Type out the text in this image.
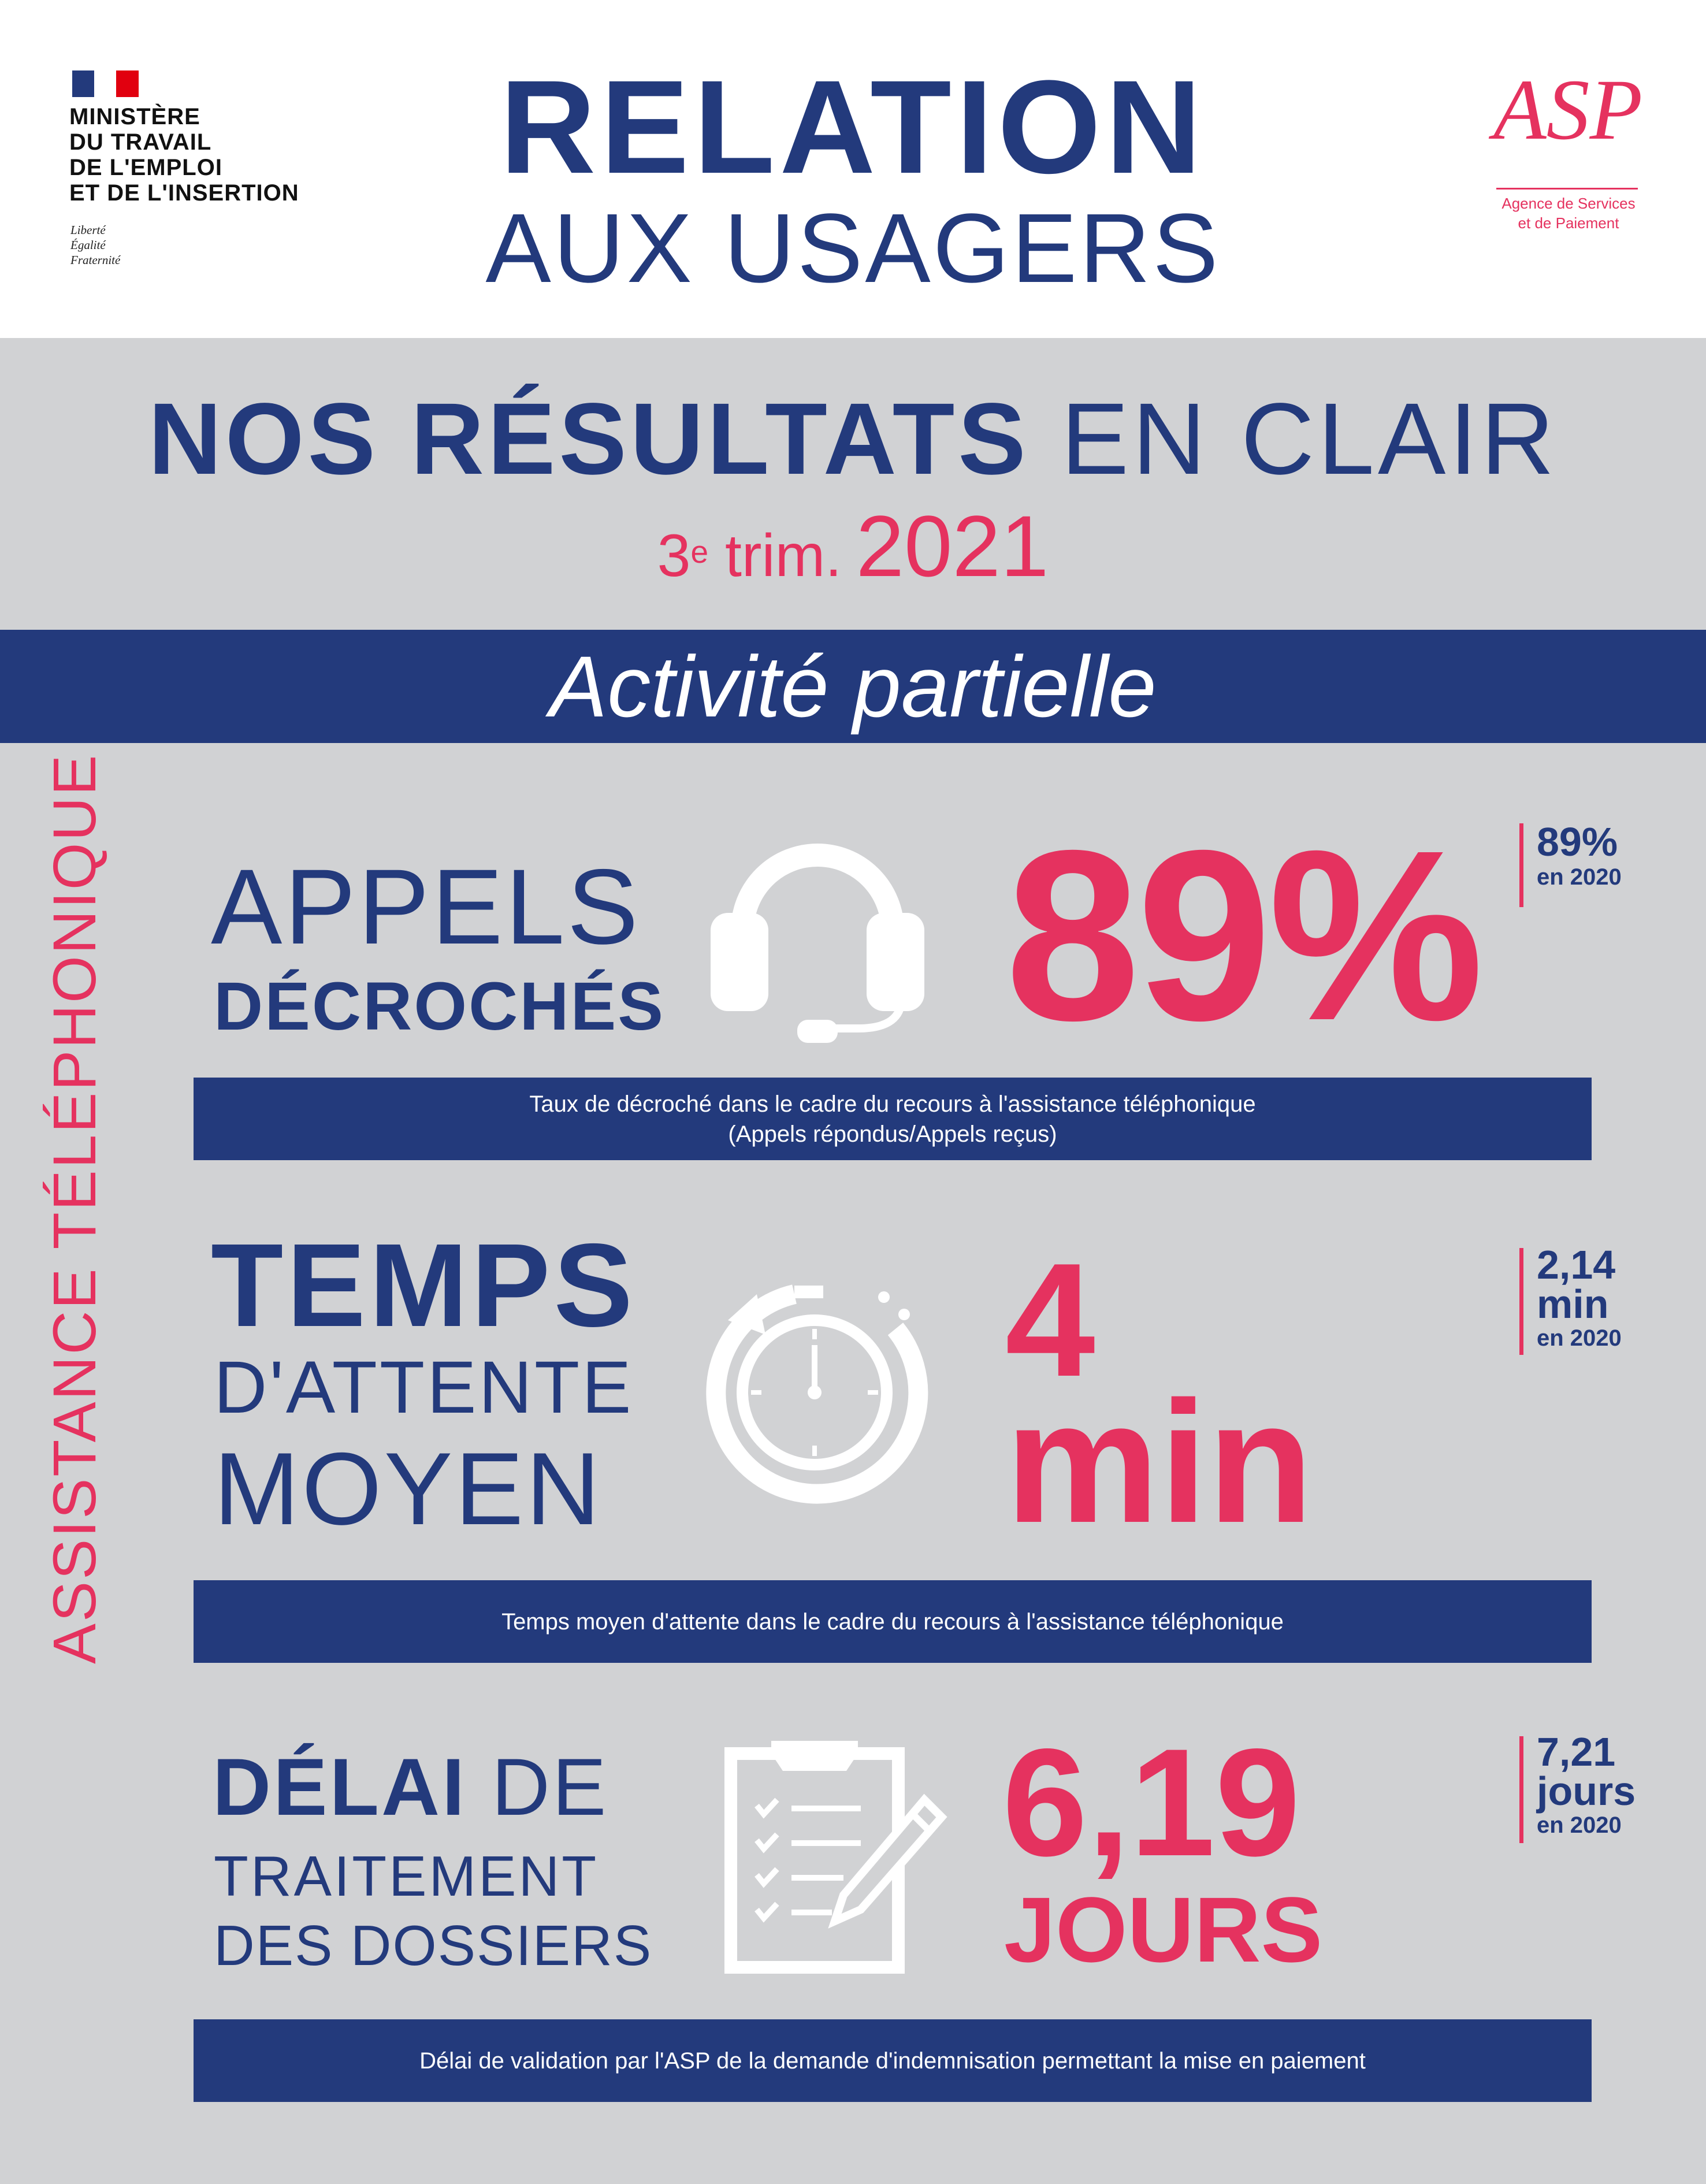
MINISTÈRE
DU TRAVAIL
DE L'EMPLOI
ET DE L'INSERTION
Liberté
Égalité
Fraternité
RELATION
AUX USAGERS
ASP
Agence de Services
et de Paiement
NOS RÉSULTATS EN CLAIR
3e trim. 2021
Activité partielle
ASSISTANCE TÉLÉPHONIQUE APPELS
DÉCROCHÉS 89% 89%
en 2020
Taux de décroché dans le cadre du recours à l'assistance téléphonique
(Appels répondus/Appels reçus)
TEMPS
D'ATTENTE
MOYEN
4
min
2,14
min
en 2020
Temps moyen d'attente dans le cadre du recours à l'assistance téléphonique
DÉLAI DE
TRAITEMENT
DES DOSSIERS
6,19
JOURS
7,21
jours
en 2020
Délai de validation par l'ASP de la demande d'indemnisation permettant la mise en paiement
